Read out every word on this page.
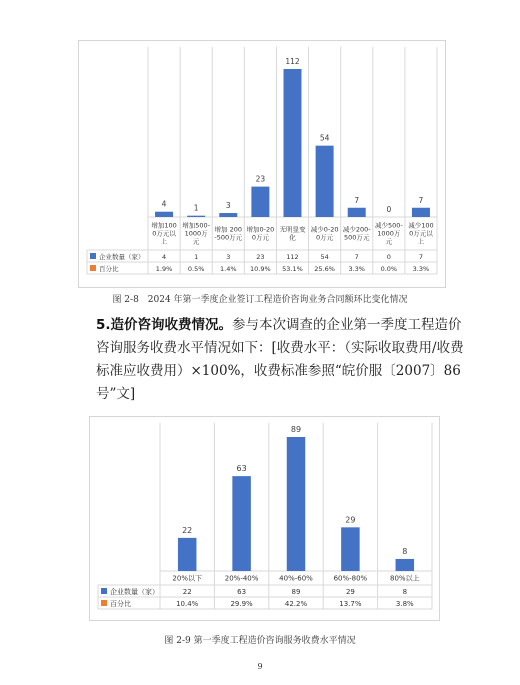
4
增加100 0万元以上
4
1.9%
1
增加500-1000万元
1
0.5%
3
增加 200 -500万元
3
1.4%
23
增加0-20 0万元
23
10.9%
112
无明显变化
112
53.1%
54
减少0-20 0万元
54
25.6%
7
减少200-500万元
7
3.3%
0
减少500-1000万元
0
0.0%
7
减少100 0万元以上
7
3.3%
企业数量（家）
百分比
图 2-8　2024 年第一季度企业签订工程造价咨询业务合同额环比变化情况
5.造价咨询收费情况。参与本次调查的企业第一季度工程造价咨询服务收费水平情况如下：[收费水平：（实际收取费用/收费标准应收费用）×100%，收费标准参照“皖价服〔2007〕86号”文]
22
20%以下
22
10.4%
63
20%-40%
63
29.9%
89
40%-60%
89
42.2%
29
60%-80%
29
13.7%
8
80%以上
8
3.8%
企业数量（家）
百分比
图 2-9 第一季度工程造价咨询服务收费水平情况
9
